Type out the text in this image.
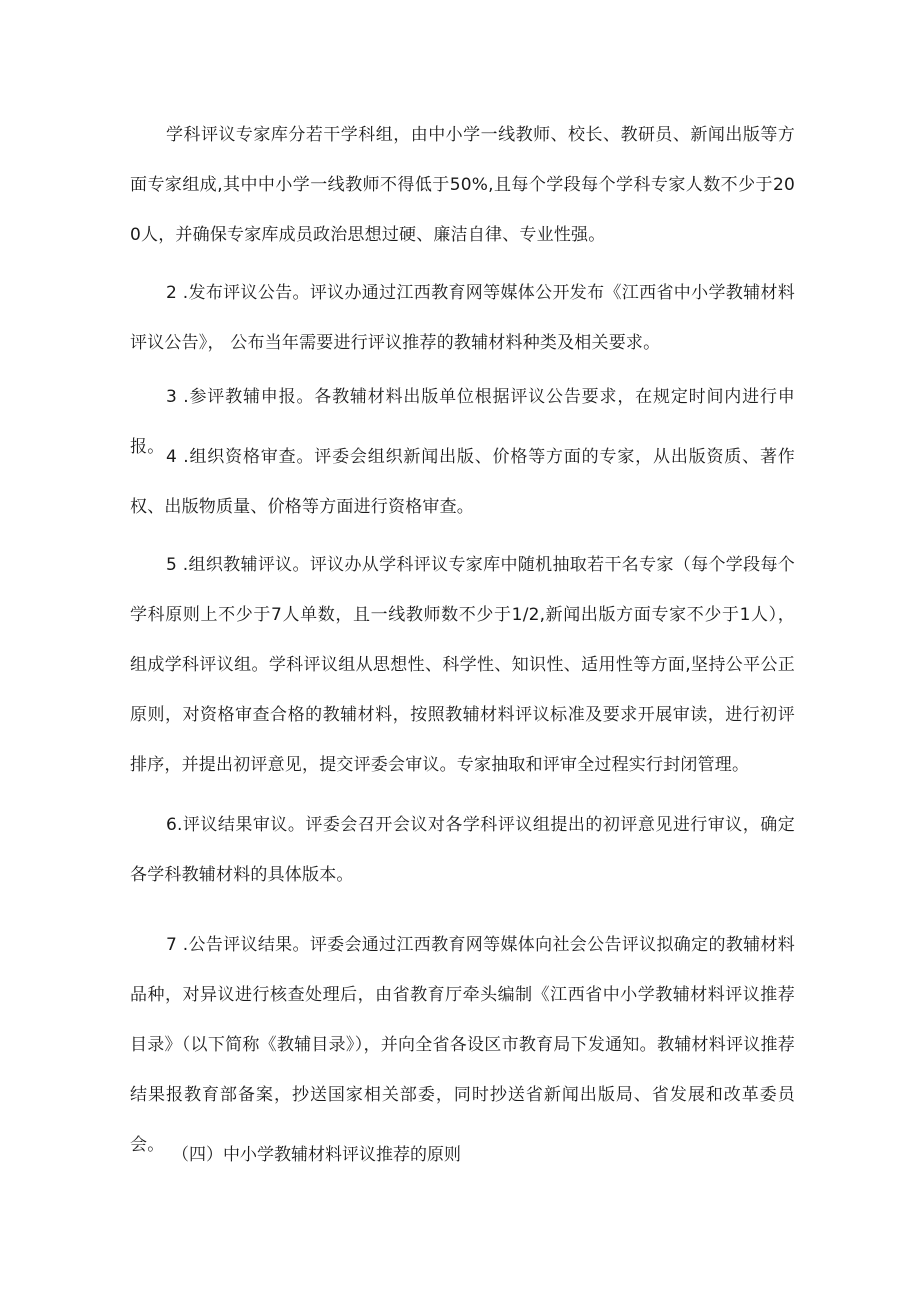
学科评议专家库分若干学科组，由中小学一线教师、校长、教研员、新闻出版等方面专家组成,其中中小学一线教师不得低于50%,且每个学段每个学科专家人数不少于200人，并确保专家库成员政治思想过硬、廉洁自律、专业性强。

2 .发布评议公告。评议办通过江西教育网等媒体公开发布《江西省中小学教辅材料评议公告》， 公布当年需要进行评议推荐的教辅材料种类及相关要求。

3 .参评教辅申报。各教辅材料出版单位根据评议公告要求，在规定时间内进行申报。 4 .组织资格审查。评委会组织新闻出版、价格等方面的专家，从出版资质、著作权、出版物质量、价格等方面进行资格审查。

5 .组织教辅评议。评议办从学科评议专家库中随机抽取若干名专家（每个学段每个学科原则上不少于7人单数，且一线教师数不少于1/2,新闻出版方面专家不少于1人），组成学科评议组。学科评议组从思想性、科学性、知识性、适用性等方面,坚持公平公正原则，对资格审查合格的教辅材料，按照教辅材料评议标准及要求开展审读，进行初评排序，并提出初评意见，提交评委会审议。专家抽取和评审全过程实行封闭管理。

6.评议结果审议。评委会召开会议对各学科评议组提出的初评意见进行审议，确定各学科教辅材料的具体版本。

7 .公告评议结果。评委会通过江西教育网等媒体向社会公告评议拟确定的教辅材料品种，对异议进行核查处理后，由省教育厅牵头编制《江西省中小学教辅材料评议推荐目录》（以下简称《教辅目录》），并向全省各设区市教育局下发通知。教辅材料评议推荐结果报教育部备案，抄送国家相关部委，同时抄送省新闻出版局、省发展和改革委员会。 （四）中小学教辅材料评议推荐的原则
